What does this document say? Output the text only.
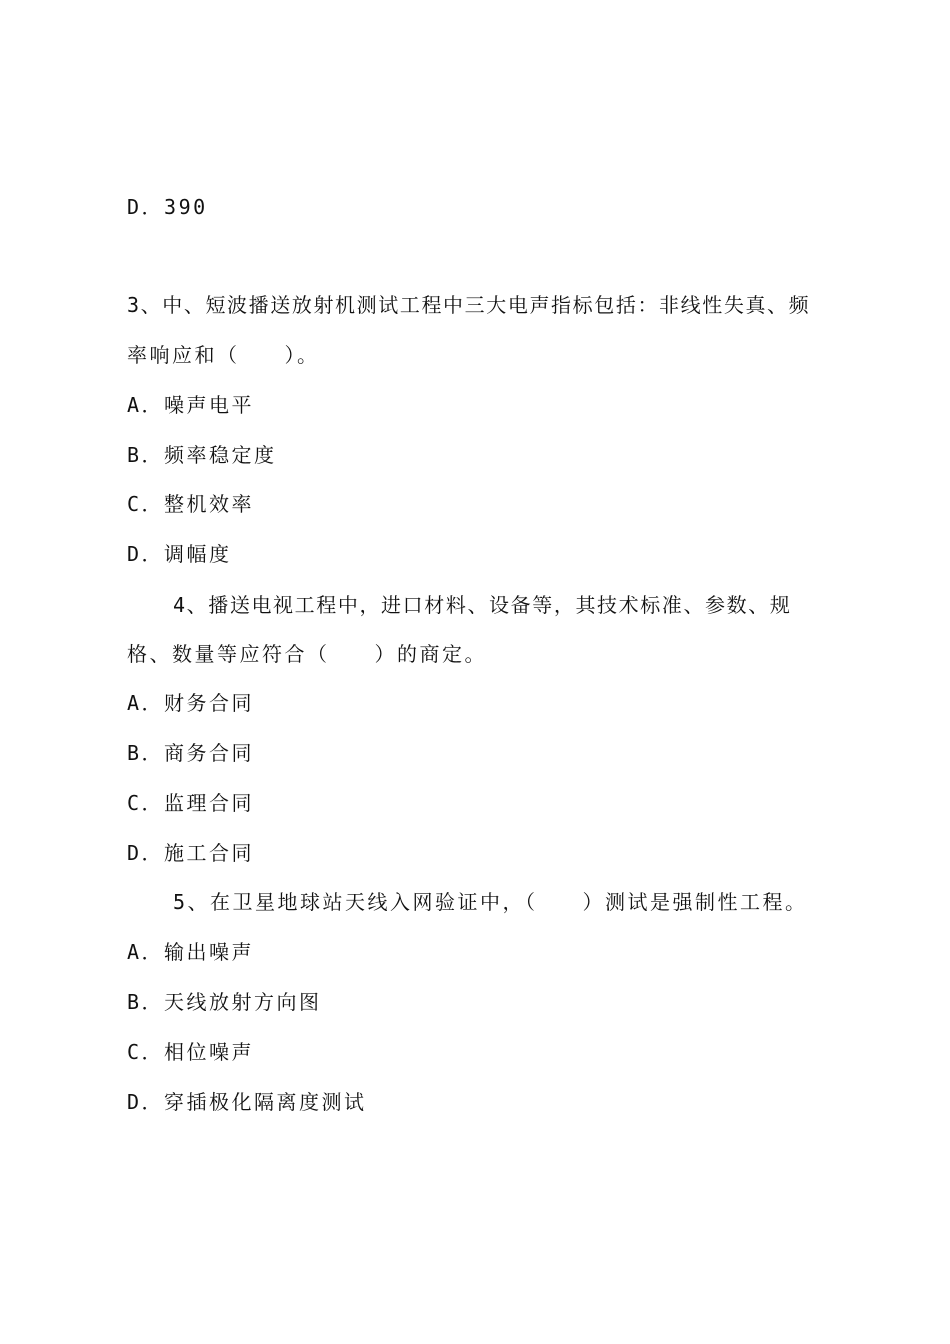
D．390
3、中、短波播送放射机测试工程中三大电声指标包括：非线性失真、频
率响应和（　　）。
A．噪声电平
B．频率稳定度
C．整机效率
D．调幅度
4、播送电视工程中，进口材料、设备等，其技术标准、参数、规
格、数量等应符合（　　）的商定。
A．财务合同
B．商务合同
C．监理合同
D．施工合同
5、在卫星地球站天线入网验证中，（　　）测试是强制性工程。
A．输出噪声
B．天线放射方向图
C．相位噪声
D．穿插极化隔离度测试
